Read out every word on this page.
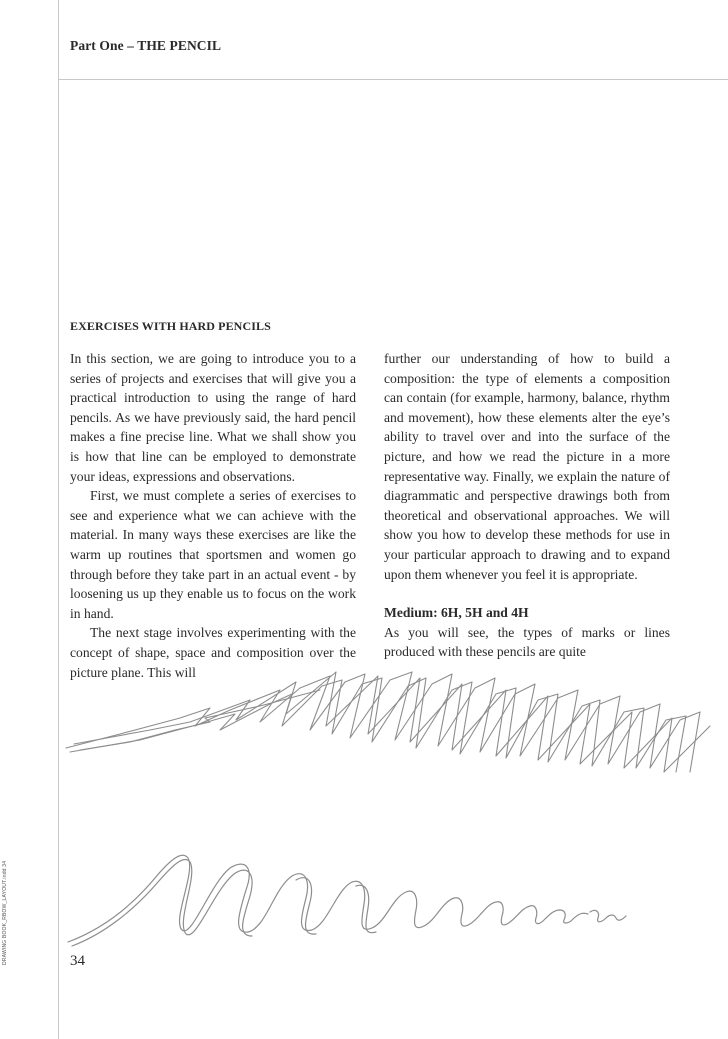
Part One – THE PENCIL
EXERCISES WITH HARD PENCILS

In this section, we are going to introduce you to a series of projects and exercises that will give you a practical introduction to using the range of hard pencils. As we have previously said, the hard pencil makes a fine precise line. What we shall show you is how that line can be employed to demonstrate your ideas, expressions and observations.

First, we must complete a series of exercises to see and experience what we can achieve with the material. In many ways these exercises are like the warm up routines that sportsmen and women go through before they take part in an actual event - by loosening us up they enable us to focus on the work in hand.

The next stage involves experimenting with the concept of shape, space and composition over the picture plane. This will

further our understanding of how to build a composition: the type of elements a composition can contain (for example, harmony, balance, rhythm and movement), how these elements alter the eye’s ability to travel over and into the surface of the picture, and how we read the picture in a more representative way. Finally, we explain the nature of diagrammatic and perspective drawings both from theoretical and observational approaches. We will show you how to develop these methods for use in your particular approach to drawing and to expand upon them whenever you feel it is appropriate.

Medium: 6H, 5H and 4H

As you will see, the types of marks or lines produced with these pencils are quite

34
DRAWING BOOK_RBOW_LAYOUT.indd 34
